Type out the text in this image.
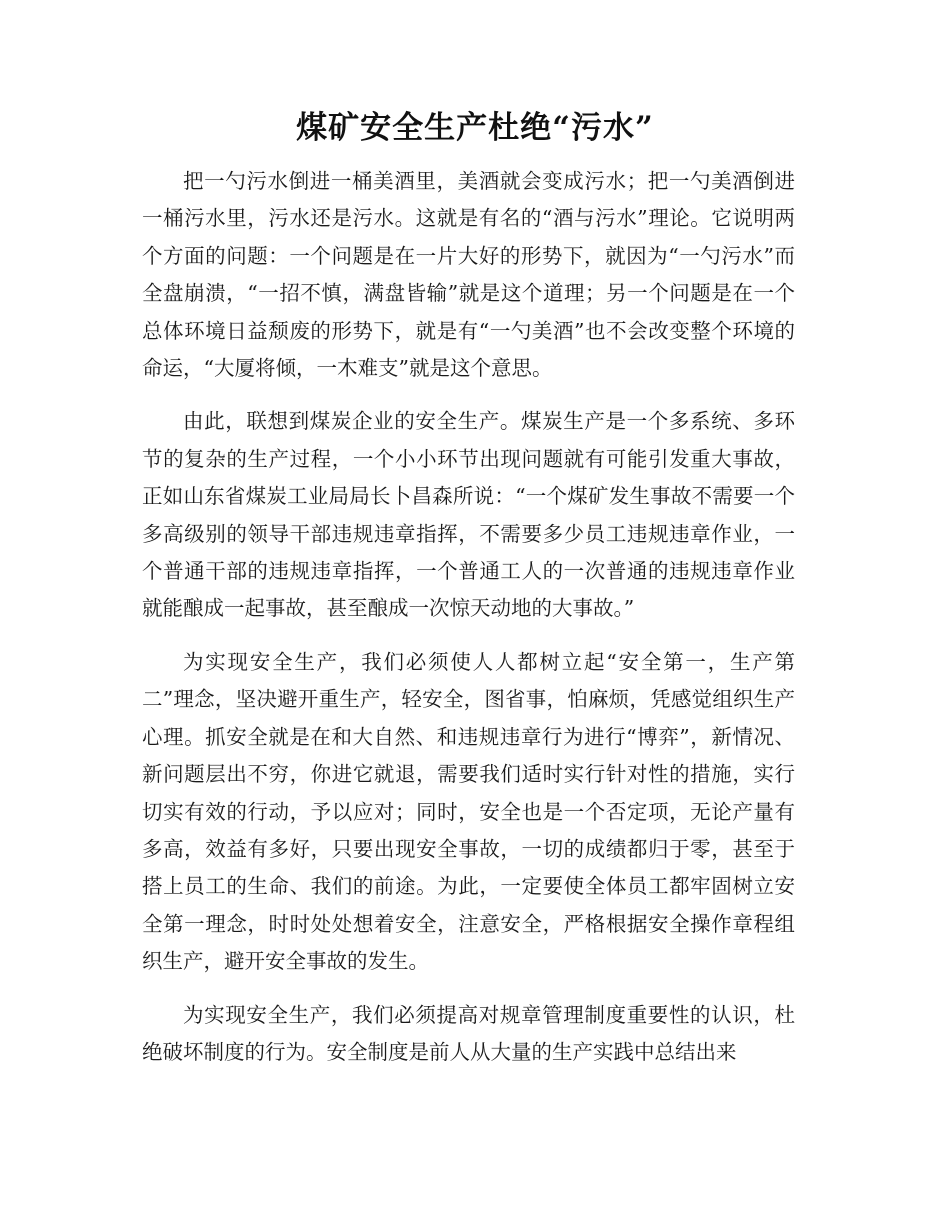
煤矿安全生产杜绝“污水”

把一勺污水倒进一桶美酒里，美酒就会变成污水；把一勺美酒倒进一桶污水里，污水还是污水。这就是有名的“酒与污水”理论。它说明两个方面的问题：一个问题是在一片大好的形势下，就因为“一勺污水”而全盘崩溃，“一招不慎，满盘皆输”就是这个道理；另一个问题是在一个总体环境日益颓废的形势下，就是有“一勺美酒”也不会改变整个环境的命运，“大厦将倾，一木难支”就是这个意思。

由此，联想到煤炭企业的安全生产。煤炭生产是一个多系统、多环节的复杂的生产过程，一个小小环节出现问题就有可能引发重大事故，正如山东省煤炭工业局局长卜昌森所说：“一个煤矿发生事故不需要一个多高级别的领导干部违规违章指挥，不需要多少员工违规违章作业，一个普通干部的违规违章指挥，一个普通工人的一次普通的违规违章作业就能酿成一起事故，甚至酿成一次惊天动地的大事故。”

为实现安全生产，我们必须使人人都树立起“安全第一，生产第二”理念，坚决避开重生产，轻安全，图省事，怕麻烦，凭感觉组织生产心理。抓安全就是在和大自然、和违规违章行为进行“博弈”，新情况、新问题层出不穷，你进它就退，需要我们适时实行针对性的措施，实行切实有效的行动，予以应对；同时，安全也是一个否定项，无论产量有多高，效益有多好，只要出现安全事故，一切的成绩都归于零，甚至于搭上员工的生命、我们的前途。为此，一定要使全体员工都牢固树立安全第一理念，时时处处想着安全，注意安全，严格根据安全操作章程组织生产，避开安全事故的发生。

为实现安全生产，我们必须提高对规章管理制度重要性的认识，杜绝破坏制度的行为。安全制度是前人从大量的生产实践中总结出来
